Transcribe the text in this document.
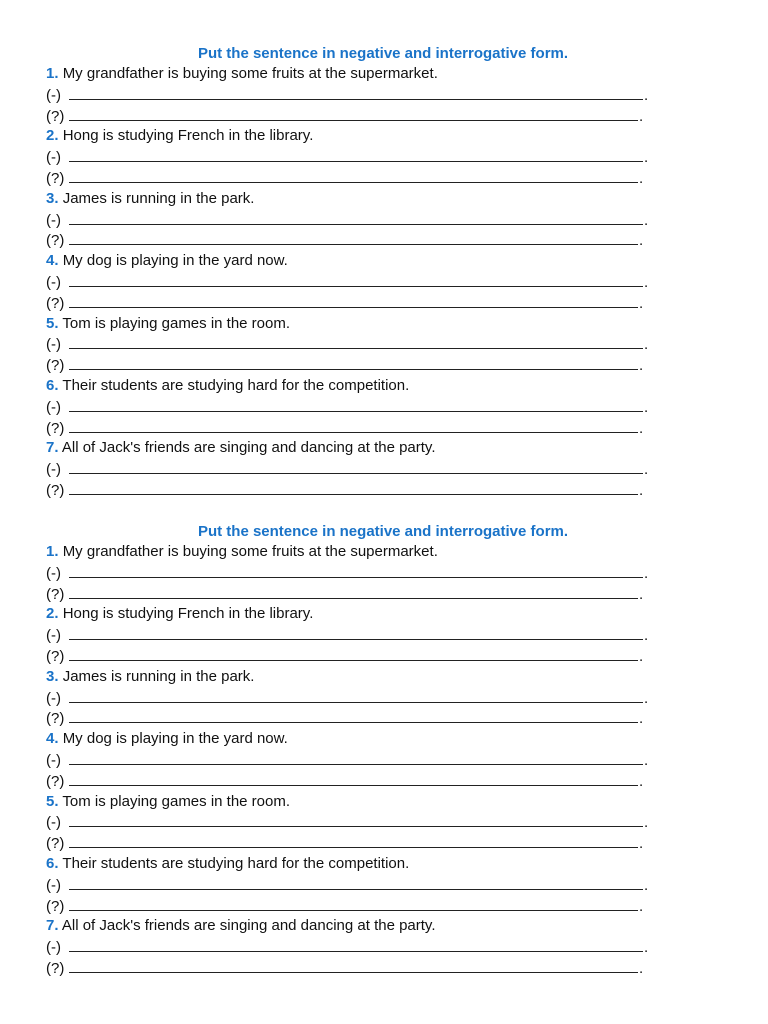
Put the sentence in negative and interrogative form.
1. My grandfather is buying some fruits at the supermarket.
(-)	.
(?)	.
2. Hong is studying French in the library.
(-)	.
(?)	.
3. James is running in the park.
(-)	.
(?)	.
4. My dog is playing in the yard now.
(-)	.
(?)	.
5. Tom is playing games in the room.
(-)	.
(?)	.
6. Their students are studying hard for the competition.
(-)	.
(?)	.
7. All of Jack's friends are singing and dancing at the party.
(-)	.
(?)	.
Put the sentence in negative and interrogative form.
1. My grandfather is buying some fruits at the supermarket.
(-)	.
(?)	.
2. Hong is studying French in the library.
(-)	.
(?)	.
3. James is running in the park.
(-)	.
(?)	.
4. My dog is playing in the yard now.
(-)	.
(?)	.
5. Tom is playing games in the room.
(-)	.
(?)	.
6. Their students are studying hard for the competition.
(-)	.
(?)	.
7. All of Jack's friends are singing and dancing at the party.
(-)	.
(?)	.
